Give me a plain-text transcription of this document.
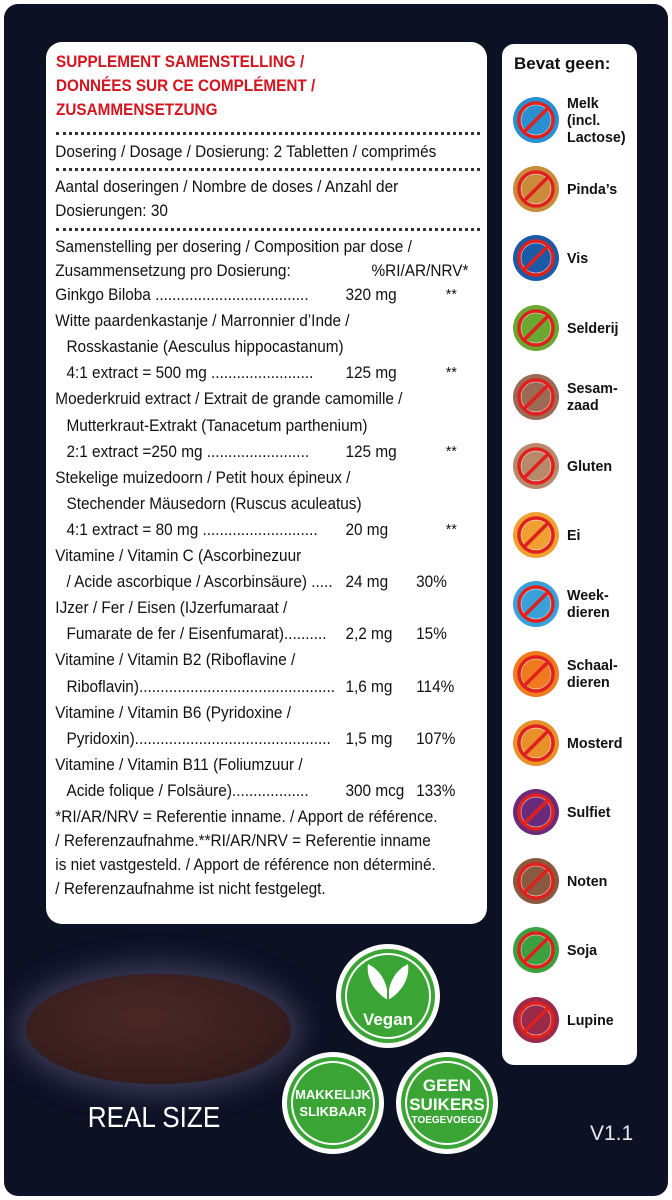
SUPPLEMENT SAMENSTELLING /
DONNÉES SUR CE COMPLÉMENT /
ZUSAMMENSETZUNG
Dosering / Dosage / Dosierung: 2 Tabletten / comprimés
Aantal doseringen / Nombre de doses / Anzahl der
Dosierungen: 30
Samenstelling per dosering / Composition par dose /
Zusammensetzung pro Dosierung:	%RI/AR/NRV*
Ginkgo Biloba .................................... 320 mg	**
Witte paardenkastanje / Marronnier d’Inde /
Rosskastanie (Aesculus hippocastanum)
4:1 extract = 500 mg ........................ 125 mg	**
Moederkruid extract / Extrait de grande camomille /
Mutterkraut-Extrakt (Tanacetum parthenium)
2:1 extract =250 mg ........................ 125 mg	**
Stekelige muizedoorn / Petit houx épineux /
Stechender Mäusedorn (Ruscus aculeatus)
4:1 extract = 80 mg ........................... 20 mg	**
Vitamine / Vitamin C (Ascorbinezuur
/ Acide ascorbique / Ascorbinsäure) ..... 24 mg 30%
IJzer / Fer / Eisen (IJzerfumaraat /
Fumarate de fer / Eisenfumarat).......... 2,2 mg 15%
Vitamine / Vitamin B2 (Riboflavine /
Riboflavin).............................................. 1,6 mg 114%
Vitamine / Vitamin B6 (Pyridoxine /
Pyridoxin).............................................. 1,5 mg 107%
Vitamine / Vitamin B11 (Foliumzuur /
Acide folique / Folsäure).................. 300 mcg 133%
*RI/AR/NRV = Referentie inname. / Apport de référence.
/ Referenzaufnahme.**RI/AR/NRV = Referentie inname
is niet vastgesteld. / Apport de référence non déterminé.
/ Referenzaufnahme ist nicht festgelegt.
Bevat geen:
Melk
(incl.
Lactose)
Pinda’s
Vis
Selderij
Sesam-
zaad
Gluten
Ei
Week-
dieren
Schaal-
dieren
Mosterd
Sulfiet
Noten
Soja
Lupine
REAL SIZE
Vegan
MAKKELIJK
SLIKBAAR
GEEN
SUIKERS
TOEGEVOEGD
V1.1
